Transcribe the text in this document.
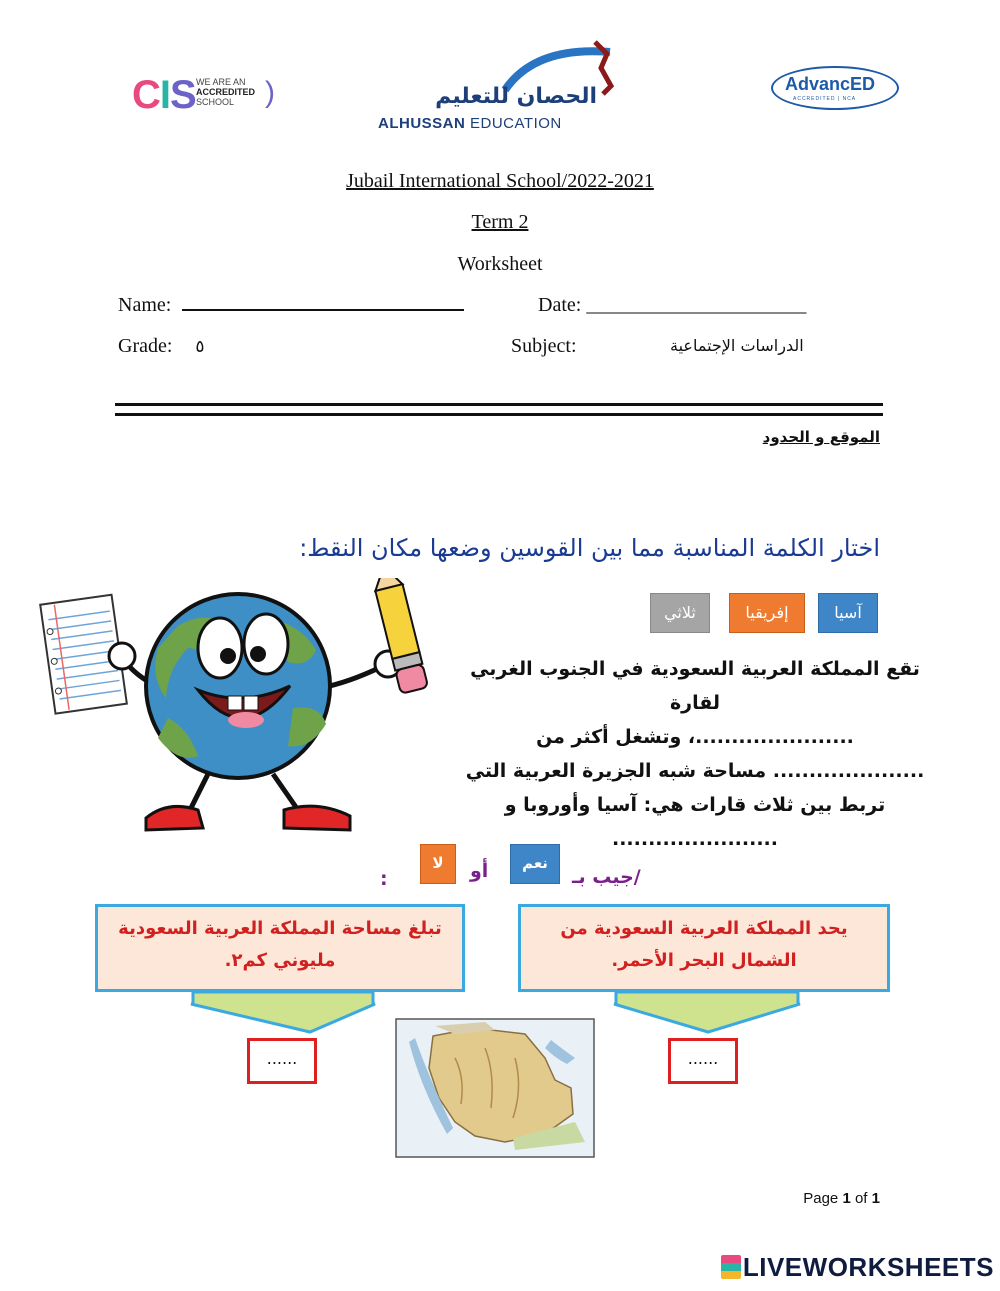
CIS WE ARE AN
ACCREDITED
SCHOOL	)	الحصان للتعليم
ALHUSSAN EDUCATION
AdvancED
ACCREDITED | NCA
Jubail International School/2022-2021
Term 2
Worksheet
Name:	Date: ______________________
Grade: ٥	Subject:	الدراسات الإجتماعية
الموقع و الحدود
اختار الكلمة المناسبة مما بين القوسين وضعها مكان النقط:
آسيا
إفريقيا
ثلاثي
تقع المملكة العربية السعودية في الجنوب الغربي لقارة
......................، وتشغل أكثر من
..................... مساحة شبه الجزيرة العربية التي
تربط بين ثلاث قارات هي: آسيا وأوروبا و
.......................
/جيب بـ
نعم
أو
لا
:
تبلغ مساحة المملكة العربية السعودية
مليوني كم٢.
يحد المملكة العربية السعودية من الشمال البحر الأحمر.
......	......
Page 1 of 1
LIVEWORKSHEETS
